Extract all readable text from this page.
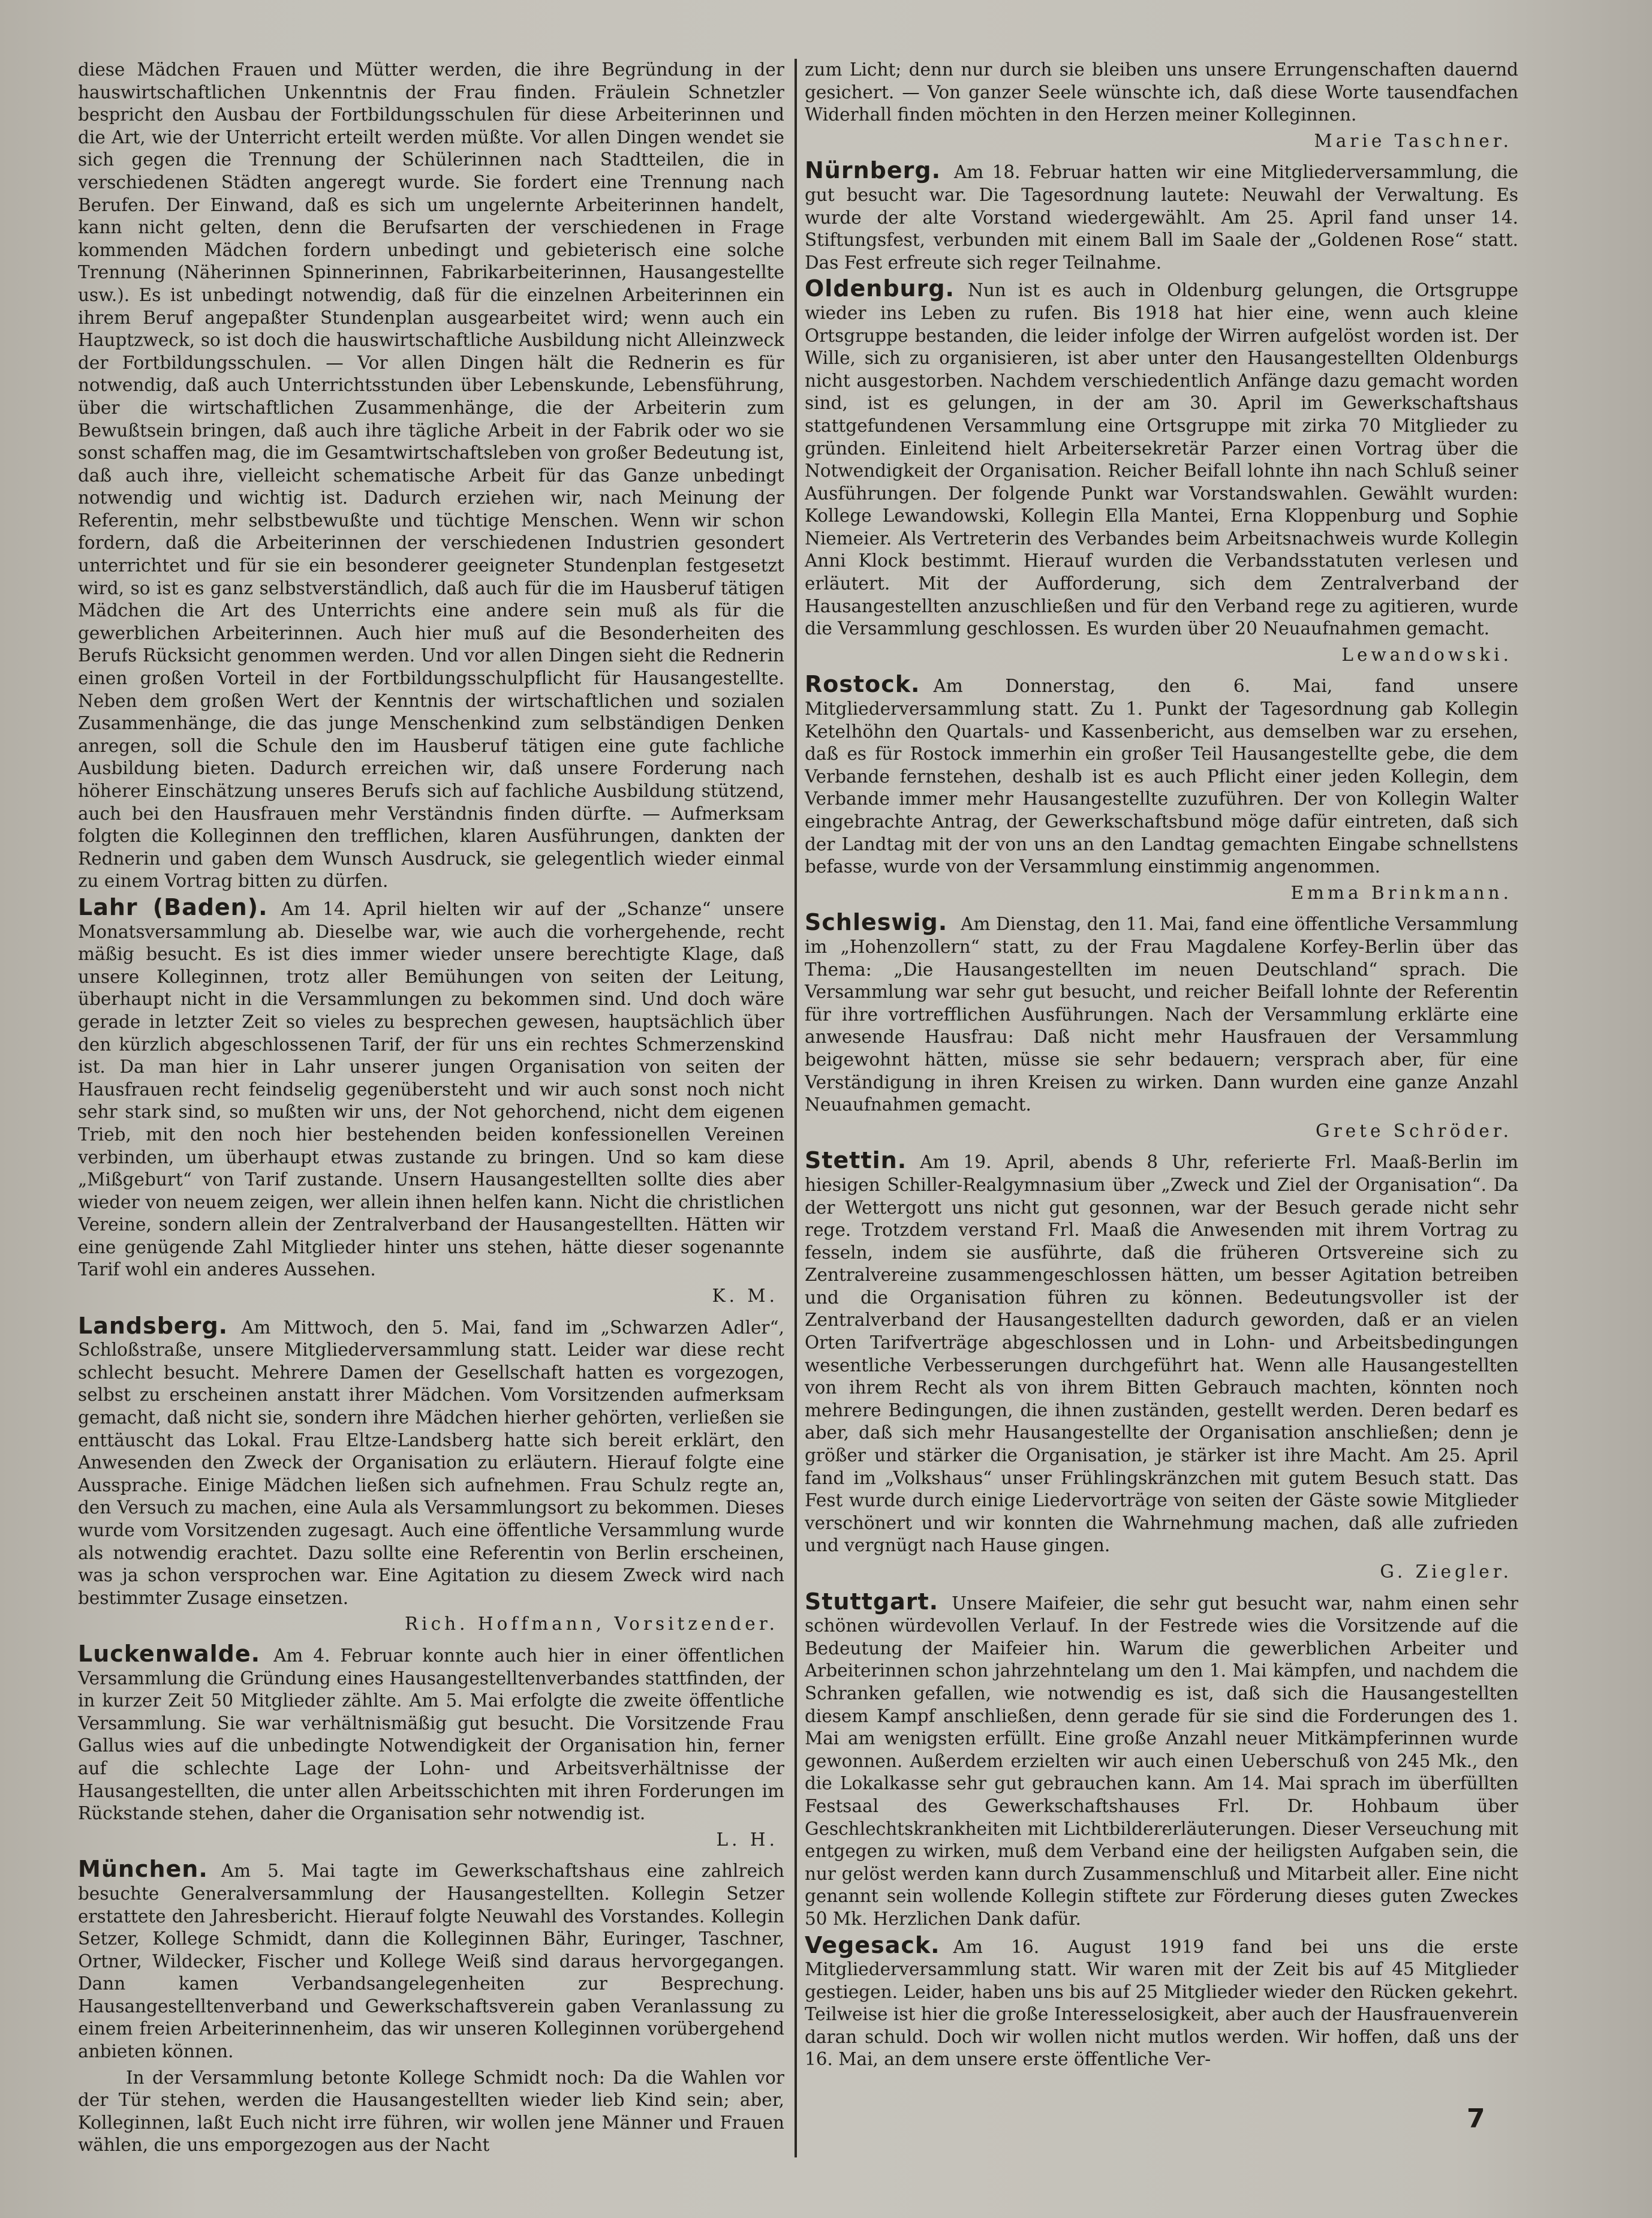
diese Mädchen Frauen und Mütter werden, die ihre Begründung in der hauswirtschaftlichen Unkenntnis der Frau finden. Fräulein Schnetzler bespricht den Ausbau der Fortbildungsschulen für diese Arbeiterinnen und die Art, wie der Unterricht erteilt werden müßte. Vor allen Dingen wendet sie sich gegen die Trennung der Schülerinnen nach Stadtteilen, die in verschiedenen Städten angeregt wurde. Sie fordert eine Trennung nach Berufen. Der Einwand, daß es sich um ungelernte Arbeiterinnen handelt, kann nicht gelten, denn die Berufsarten der verschiedenen in Frage kommenden Mädchen fordern unbedingt und gebieterisch eine solche Trennung (Näherinnen Spinnerinnen, Fabrikarbeiterinnen, Hausangestellte usw.). Es ist unbedingt notwendig, daß für die einzelnen Arbeiterinnen ein ihrem Beruf angepaßter Stundenplan ausgearbeitet wird; wenn auch ein Hauptzweck, so ist doch die hauswirtschaftliche Ausbildung nicht Alleinzweck der Fortbildungsschulen. — Vor allen Dingen hält die Rednerin es für notwendig, daß auch Unterrichtsstunden über Lebenskunde, Lebensführung, über die wirtschaftlichen Zusammenhänge, die der Arbeiterin zum Bewußtsein bringen, daß auch ihre tägliche Arbeit in der Fabrik oder wo sie sonst schaffen mag, die im Gesamtwirtschaftsleben von großer Bedeutung ist, daß auch ihre, vielleicht schematische Arbeit für das Ganze unbedingt notwendig und wichtig ist. Dadurch erziehen wir, nach Meinung der Referentin, mehr selbstbewußte und tüchtige Menschen. Wenn wir schon fordern, daß die Arbeiterinnen der verschiedenen Industrien gesondert unterrichtet und für sie ein besonderer geeigneter Stundenplan festgesetzt wird, so ist es ganz selbstverständlich, daß auch für die im Hausberuf tätigen Mädchen die Art des Unterrichts eine andere sein muß als für die gewerblichen Arbeiterinnen. Auch hier muß auf die Besonderheiten des Berufs Rücksicht genommen werden. Und vor allen Dingen sieht die Rednerin einen großen Vorteil in der Fortbildungsschulpflicht für Hausangestellte. Neben dem großen Wert der Kenntnis der wirtschaftlichen und sozialen Zusammenhänge, die das junge Menschenkind zum selbständigen Denken anregen, soll die Schule den im Hausberuf tätigen eine gute fachliche Ausbildung bieten. Dadurch erreichen wir, daß unsere Forderung nach höherer Einschätzung unseres Berufs sich auf fachliche Ausbildung stützend, auch bei den Hausfrauen mehr Verständnis finden dürfte. — Aufmerksam folgten die Kolleginnen den trefflichen, klaren Ausführungen, dankten der Rednerin und gaben dem Wunsch Ausdruck, sie gelegentlich wieder einmal zu einem Vortrag bitten zu dürfen.

Lahr (Baden). Am 14. April hielten wir auf der „Schanze“ unsere Monatsversammlung ab. Dieselbe war, wie auch die vorhergehende, recht mäßig besucht. Es ist dies immer wieder unsere berechtigte Klage, daß unsere Kolleginnen, trotz aller Bemühungen von seiten der Leitung, überhaupt nicht in die Versammlungen zu bekommen sind. Und doch wäre gerade in letzter Zeit so vieles zu besprechen gewesen, hauptsächlich über den kürzlich abgeschlossenen Tarif, der für uns ein rechtes Schmerzenskind ist. Da man hier in Lahr unserer jungen Organisation von seiten der Hausfrauen recht feindselig gegenübersteht und wir auch sonst noch nicht sehr stark sind, so mußten wir uns, der Not gehorchend, nicht dem eigenen Trieb, mit den noch hier bestehenden beiden konfessionellen Vereinen verbinden, um überhaupt etwas zustande zu bringen. Und so kam diese „Mißgeburt“ von Tarif zustande. Unsern Hausangestellten sollte dies aber wieder von neuem zeigen, wer allein ihnen helfen kann. Nicht die christlichen Vereine, sondern allein der Zentralverband der Hausangestellten. Hätten wir eine genügende Zahl Mitglieder hinter uns stehen, hätte dieser sogenannte Tarif wohl ein anderes Aussehen.

K. M.

Landsberg. Am Mittwoch, den 5. Mai, fand im „Schwarzen Adler“, Schloßstraße, unsere Mitgliederversammlung statt. Leider war diese recht schlecht besucht. Mehrere Damen der Gesellschaft hatten es vorgezogen, selbst zu erscheinen anstatt ihrer Mädchen. Vom Vorsitzenden aufmerksam gemacht, daß nicht sie, sondern ihre Mädchen hierher gehörten, verließen sie enttäuscht das Lokal. Frau Eltze-Landsberg hatte sich bereit erklärt, den Anwesenden den Zweck der Organisation zu erläutern. Hierauf folgte eine Aussprache. Einige Mädchen ließen sich aufnehmen. Frau Schulz regte an, den Versuch zu machen, eine Aula als Versammlungsort zu bekommen. Dieses wurde vom Vorsitzenden zugesagt. Auch eine öffentliche Versammlung wurde als notwendig erachtet. Dazu sollte eine Referentin von Berlin erscheinen, was ja schon versprochen war. Eine Agitation zu diesem Zweck wird nach bestimmter Zusage einsetzen.

Rich. Hoffmann, Vorsitzender.

Luckenwalde. Am 4. Februar konnte auch hier in einer öffentlichen Versammlung die Gründung eines Hausangestelltenverbandes stattfinden, der in kurzer Zeit 50 Mitglieder zählte. Am 5. Mai erfolgte die zweite öffentliche Versammlung. Sie war verhältnismäßig gut besucht. Die Vorsitzende Frau Gallus wies auf die unbedingte Notwendigkeit der Organisation hin, ferner auf die schlechte Lage der Lohn- und Arbeitsverhältnisse der Hausangestellten, die unter allen Arbeitsschichten mit ihren Forderungen im Rückstande stehen, daher die Organisation sehr notwendig ist.

L. H.

München. Am 5. Mai tagte im Gewerkschaftshaus eine zahlreich besuchte Generalversammlung der Hausangestellten. Kollegin Setzer erstattete den Jahresbericht. Hierauf folgte Neuwahl des Vorstandes. Kollegin Setzer, Kollege Schmidt, dann die Kolleginnen Bähr, Euringer, Taschner, Ortner, Wildecker, Fischer und Kollege Weiß sind daraus hervorgegangen. Dann kamen Verbandsangelegenheiten zur Besprechung. Hausangestelltenverband und Gewerkschaftsverein gaben Veranlassung zu einem freien Arbeiterinnenheim, das wir unseren Kolleginnen vorübergehend anbieten können.

In der Versammlung betonte Kollege Schmidt noch: Da die Wahlen vor der Tür stehen, werden die Hausangestellten wieder lieb Kind sein; aber, Kolleginnen, laßt Euch nicht irre führen, wir wollen jene Männer und Frauen wählen, die uns emporgezogen aus der Nacht

zum Licht; denn nur durch sie bleiben uns unsere Errungenschaften dauernd gesichert. — Von ganzer Seele wünschte ich, daß diese Worte tausendfachen Widerhall finden möchten in den Herzen meiner Kolleginnen.

Marie Taschner.

Nürnberg. Am 18. Februar hatten wir eine Mitgliederversammlung, die gut besucht war. Die Tagesordnung lautete: Neuwahl der Verwaltung. Es wurde der alte Vorstand wiedergewählt. Am 25. April fand unser 14. Stiftungsfest, verbunden mit einem Ball im Saale der „Goldenen Rose“ statt. Das Fest erfreute sich reger Teilnahme.

Oldenburg. Nun ist es auch in Oldenburg gelungen, die Ortsgruppe wieder ins Leben zu rufen. Bis 1918 hat hier eine, wenn auch kleine Ortsgruppe bestanden, die leider infolge der Wirren aufgelöst worden ist. Der Wille, sich zu organisieren, ist aber unter den Hausangestellten Oldenburgs nicht ausgestorben. Nachdem verschiedentlich Anfänge dazu gemacht worden sind, ist es gelungen, in der am 30. April im Gewerkschaftshaus stattgefundenen Versammlung eine Ortsgruppe mit zirka 70 Mitglieder zu gründen. Einleitend hielt Arbeitersekretär Parzer einen Vortrag über die Notwendigkeit der Organisation. Reicher Beifall lohnte ihn nach Schluß seiner Ausführungen. Der folgende Punkt war Vorstandswahlen. Gewählt wurden: Kollege Lewandowski, Kollegin Ella Mantei, Erna Kloppenburg und Sophie Niemeier. Als Vertreterin des Verbandes beim Arbeitsnachweis wurde Kollegin Anni Klock bestimmt. Hierauf wurden die Verbandsstatuten verlesen und erläutert. Mit der Aufforderung, sich dem Zentralverband der Hausangestellten anzuschließen und für den Verband rege zu agitieren, wurde die Versammlung geschlossen. Es wurden über 20 Neuaufnahmen gemacht.

Lewandowski.

Rostock. Am Donnerstag, den 6. Mai, fand unsere Mitgliederversammlung statt. Zu 1. Punkt der Tagesordnung gab Kollegin Ketelhöhn den Quartals- und Kassenbericht, aus demselben war zu ersehen, daß es für Rostock immerhin ein großer Teil Hausangestellte gebe, die dem Verbande fernstehen, deshalb ist es auch Pflicht einer jeden Kollegin, dem Verbande immer mehr Hausangestellte zuzuführen. Der von Kollegin Walter eingebrachte Antrag, der Gewerkschaftsbund möge dafür eintreten, daß sich der Landtag mit der von uns an den Landtag gemachten Eingabe schnellstens befasse, wurde von der Versammlung einstimmig angenommen.

Emma Brinkmann.

Schleswig. Am Dienstag, den 11. Mai, fand eine öffentliche Versammlung im „Hohenzollern“ statt, zu der Frau Magdalene Korfey-Berlin über das Thema: „Die Hausangestellten im neuen Deutschland“ sprach. Die Versammlung war sehr gut besucht, und reicher Beifall lohnte der Referentin für ihre vortrefflichen Ausführungen. Nach der Versammlung erklärte eine anwesende Hausfrau: Daß nicht mehr Hausfrauen der Versammlung beigewohnt hätten, müsse sie sehr bedauern; versprach aber, für eine Verständigung in ihren Kreisen zu wirken. Dann wurden eine ganze Anzahl Neuaufnahmen gemacht.

Grete Schröder.

Stettin. Am 19. April, abends 8 Uhr, referierte Frl. Maaß-Berlin im hiesigen Schiller-Realgymnasium über „Zweck und Ziel der Organisation“. Da der Wettergott uns nicht gut gesonnen, war der Besuch gerade nicht sehr rege. Trotzdem verstand Frl. Maaß die Anwesenden mit ihrem Vortrag zu fesseln, indem sie ausführte, daß die früheren Ortsvereine sich zu Zentralvereine zusammengeschlossen hätten, um besser Agitation betreiben und die Organisation führen zu können. Bedeutungsvoller ist der Zentralverband der Hausangestellten dadurch geworden, daß er an vielen Orten Tarifverträge abgeschlossen und in Lohn- und Arbeitsbedingungen wesentliche Verbesserungen durchgeführt hat. Wenn alle Hausangestellten von ihrem Recht als von ihrem Bitten Gebrauch machten, könnten noch mehrere Bedingungen, die ihnen zuständen, gestellt werden. Deren bedarf es aber, daß sich mehr Hausangestellte der Organisation anschließen; denn je größer und stärker die Organisation, je stärker ist ihre Macht. Am 25. April fand im „Volkshaus“ unser Frühlingskränzchen mit gutem Besuch statt. Das Fest wurde durch einige Liedervorträge von seiten der Gäste sowie Mitglieder verschönert und wir konnten die Wahrnehmung machen, daß alle zufrieden und vergnügt nach Hause gingen.

G. Ziegler.

Stuttgart. Unsere Maifeier, die sehr gut besucht war, nahm einen sehr schönen würdevollen Verlauf. In der Festrede wies die Vorsitzende auf die Bedeutung der Maifeier hin. Warum die gewerblichen Arbeiter und Arbeiterinnen schon jahrzehntelang um den 1. Mai kämpfen, und nachdem die Schranken gefallen, wie notwendig es ist, daß sich die Hausangestellten diesem Kampf anschließen, denn gerade für sie sind die Forderungen des 1. Mai am wenigsten erfüllt. Eine große Anzahl neuer Mitkämpferinnen wurde gewonnen. Außerdem erzielten wir auch einen Ueberschuß von 245 Mk., den die Lokalkasse sehr gut gebrauchen kann. Am 14. Mai sprach im überfüllten Festsaal des Gewerkschaftshauses Frl. Dr. Hohbaum über Geschlechtskrankheiten mit Lichtbildererläuterungen. Dieser Verseuchung mit entgegen zu wirken, muß dem Verband eine der heiligsten Aufgaben sein, die nur gelöst werden kann durch Zusammenschluß und Mitarbeit aller. Eine nicht genannt sein wollende Kollegin stiftete zur Förderung dieses guten Zweckes 50 Mk. Herzlichen Dank dafür.

Vegesack. Am 16. August 1919 fand bei uns die erste Mitgliederversammlung statt. Wir waren mit der Zeit bis auf 45 Mitglieder gestiegen. Leider, haben uns bis auf 25 Mitglieder wieder den Rücken gekehrt. Teilweise ist hier die große Interesselosigkeit, aber auch der Hausfrauenverein daran schuld. Doch wir wollen nicht mutlos werden. Wir hoffen, daß uns der 16. Mai, an dem unsere erste öffentliche Ver-

7
